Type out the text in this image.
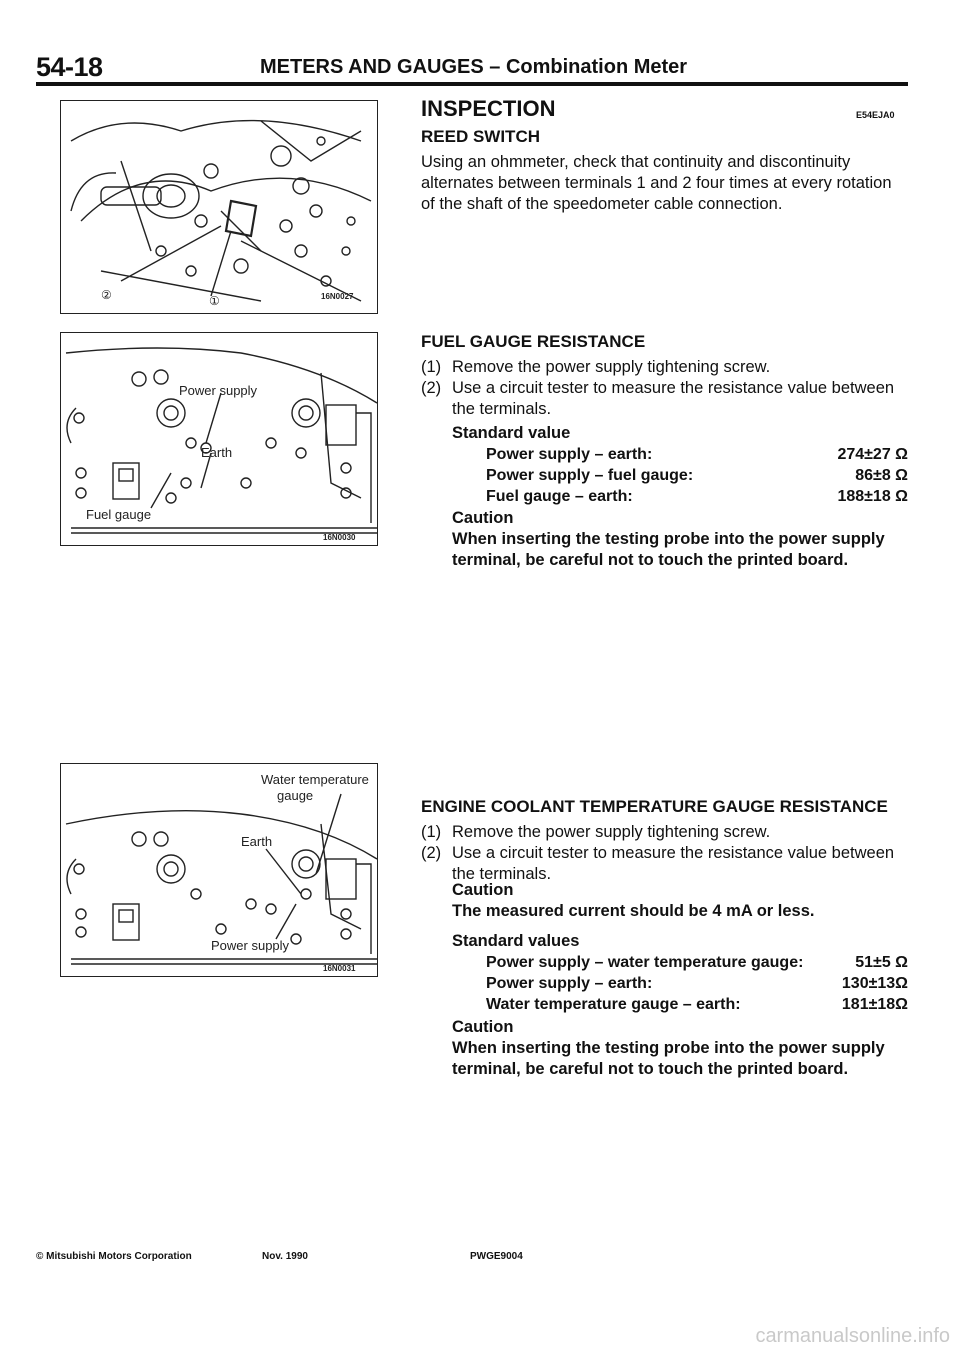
54-18	METERS AND GAUGES – Combination Meter
②	①	16N0027
Power supply
Earth
Fuel gauge
16N0030
Water temperature
gauge
Earth
Power supply
16N0031
INSPECTION	E54EJA0
REED SWITCH
Using an ohmmeter, check that continuity and discontinuity alternates between terminals 1 and 2 four times at every rotation of the shaft of the speedometer cable connection.
FUEL GAUGE RESISTANCE
(1) Remove the power supply tightening screw.
(2) Use a circuit tester to measure the resistance value between the terminals.
Standard value
Power supply – earth:	274±27 Ω
Power supply – fuel gauge:	86±8 Ω
Fuel gauge – earth:	188±18 Ω
Caution
When inserting the testing probe into the power supply terminal, be careful not to touch the printed board.
ENGINE COOLANT TEMPERATURE GAUGE RESISTANCE
(1) Remove the power supply tightening screw.
(2) Use a circuit tester to measure the resistance value between the terminals.
Caution
The measured current should be 4 mA or less.
Standard values
Power supply – water temperature gauge:	51±5 Ω
Power supply – earth:	130±13Ω
Water temperature gauge – earth:	181±18Ω
Caution
When inserting the testing probe into the power supply terminal, be careful not to touch the printed board.
© Mitsubishi Motors Corporation	Nov. 1990	PWGE9004
carmanualsonline.info
